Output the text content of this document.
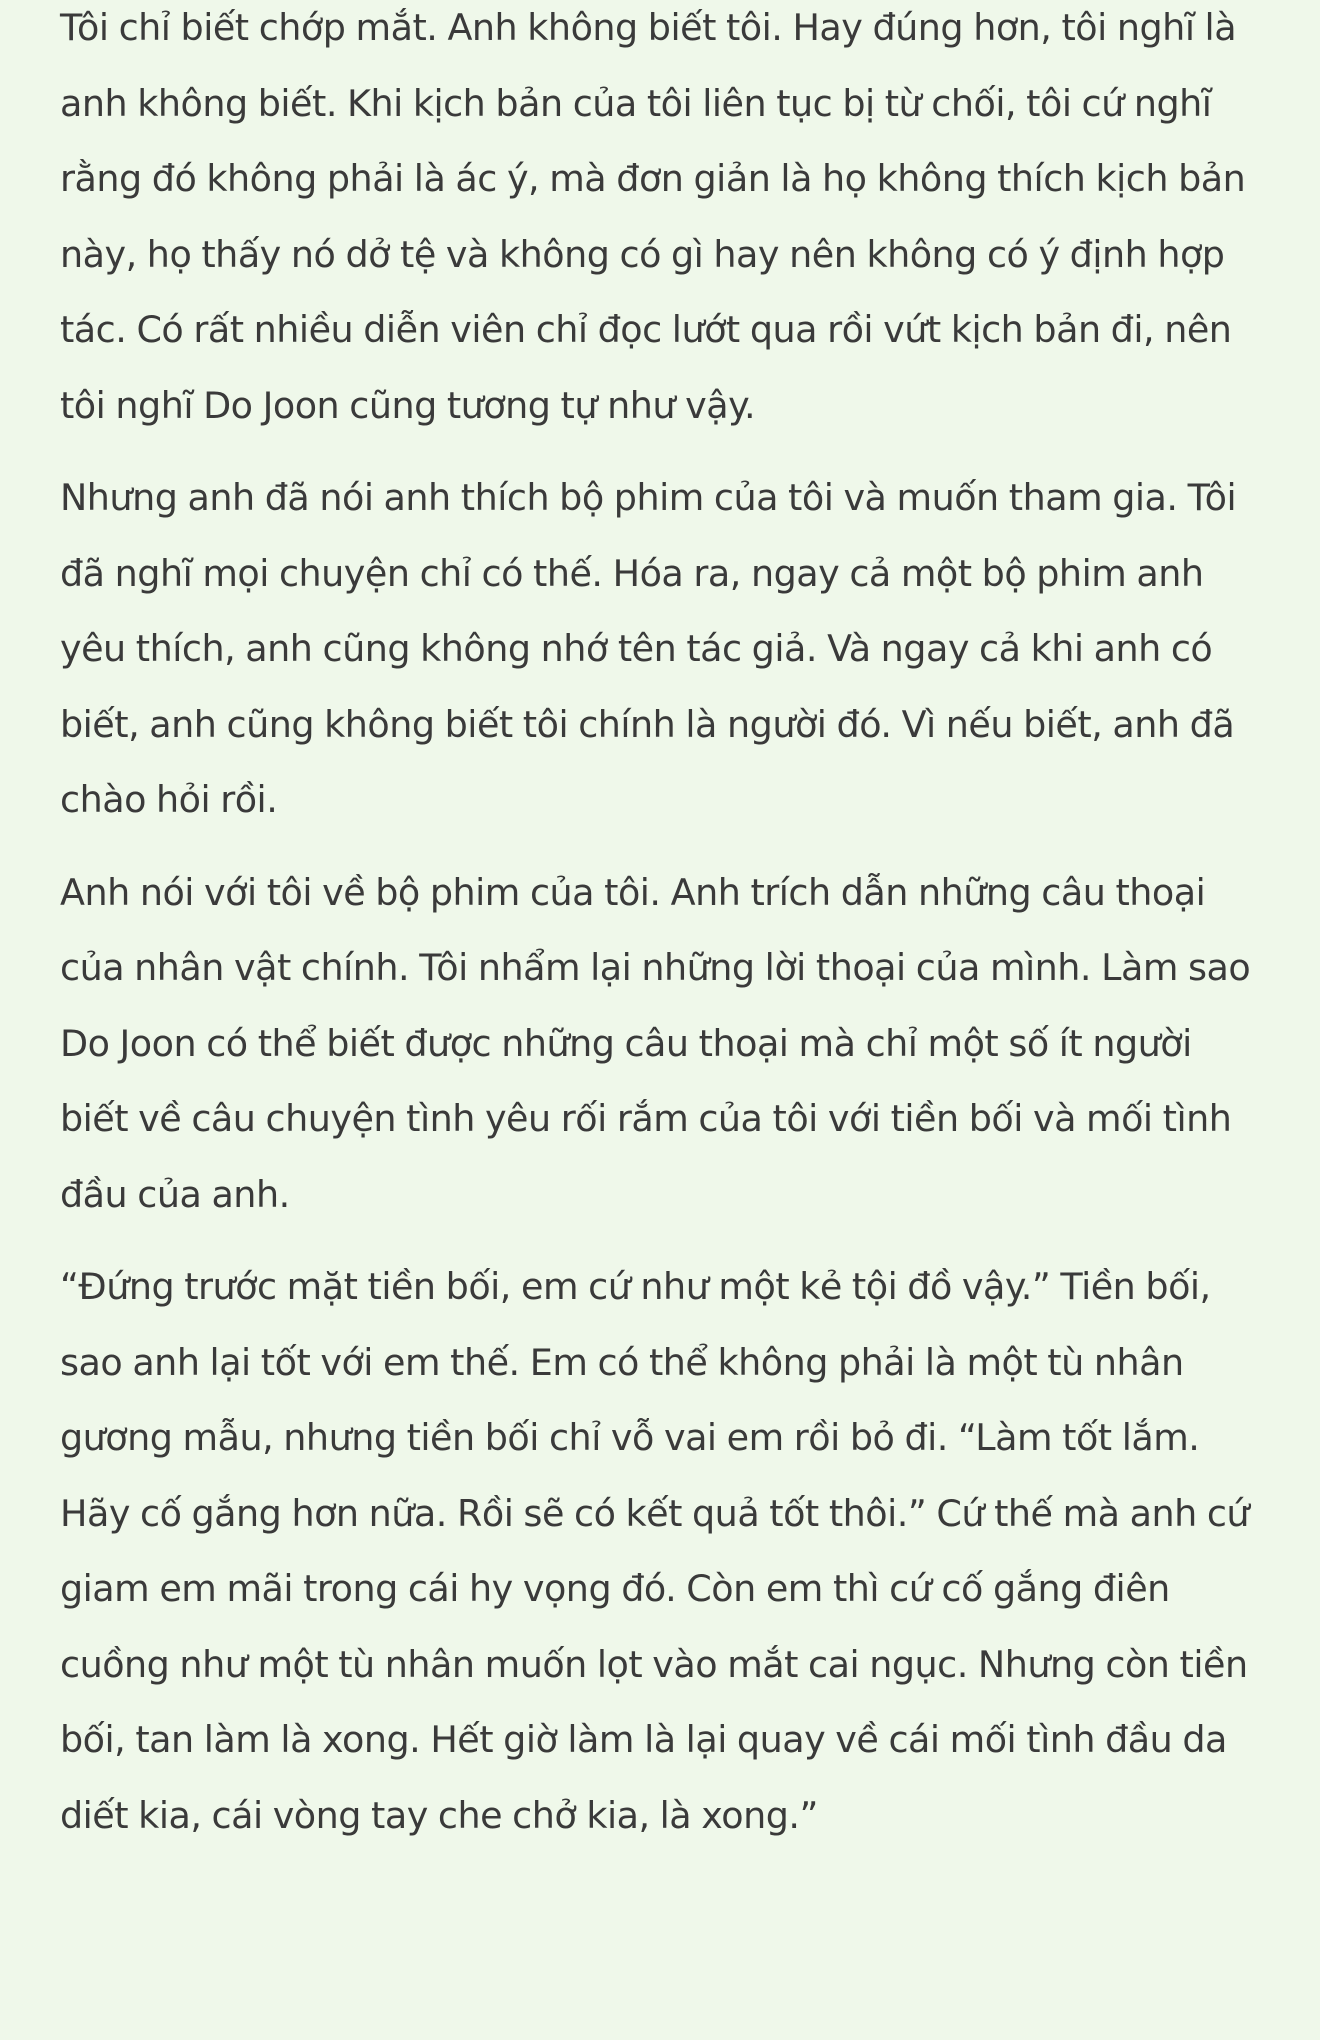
Tôi chỉ biết chớp mắt. Anh không biết tôi. Hay đúng hơn, tôi nghĩ là anh không biết. Khi kịch bản của tôi liên tục bị từ chối, tôi cứ nghĩ rằng đó không phải là ác ý, mà đơn giản là họ không thích kịch bản này, họ thấy nó dở tệ và không có gì hay nên không có ý định hợp tác. Có rất nhiều diễn viên chỉ đọc lướt qua rồi vứt kịch bản đi, nên tôi nghĩ Do Joon cũng tương tự như vậy.

Nhưng anh đã nói anh thích bộ phim của tôi và muốn tham gia. Tôi đã nghĩ mọi chuyện chỉ có thế. Hóa ra, ngay cả một bộ phim anh yêu thích, anh cũng không nhớ tên tác giả. Và ngay cả khi anh có biết, anh cũng không biết tôi chính là người đó. Vì nếu biết, anh đã chào hỏi rồi.

Anh nói với tôi về bộ phim của tôi. Anh trích dẫn những câu thoại của nhân vật chính. Tôi nhẩm lại những lời thoại của mình. Làm sao Do Joon có thể biết được những câu thoại mà chỉ một số ít người biết về câu chuyện tình yêu rối rắm của tôi với tiền bối và mối tình đầu của anh.

“Đứng trước mặt tiền bối, em cứ như một kẻ tội đồ vậy.” Tiền bối, sao anh lại tốt với em thế. Em có thể không phải là một tù nhân gương mẫu, nhưng tiền bối chỉ vỗ vai em rồi bỏ đi. “Làm tốt lắm. Hãy cố gắng hơn nữa. Rồi sẽ có kết quả tốt thôi.” Cứ thế mà anh cứ giam em mãi trong cái hy vọng đó. Còn em thì cứ cố gắng điên cuồng như một tù nhân muốn lọt vào mắt cai ngục. Nhưng còn tiền bối, tan làm là xong. Hết giờ làm là lại quay về cái mối tình đầu da diết kia, cái vòng tay che chở kia, là xong.”
